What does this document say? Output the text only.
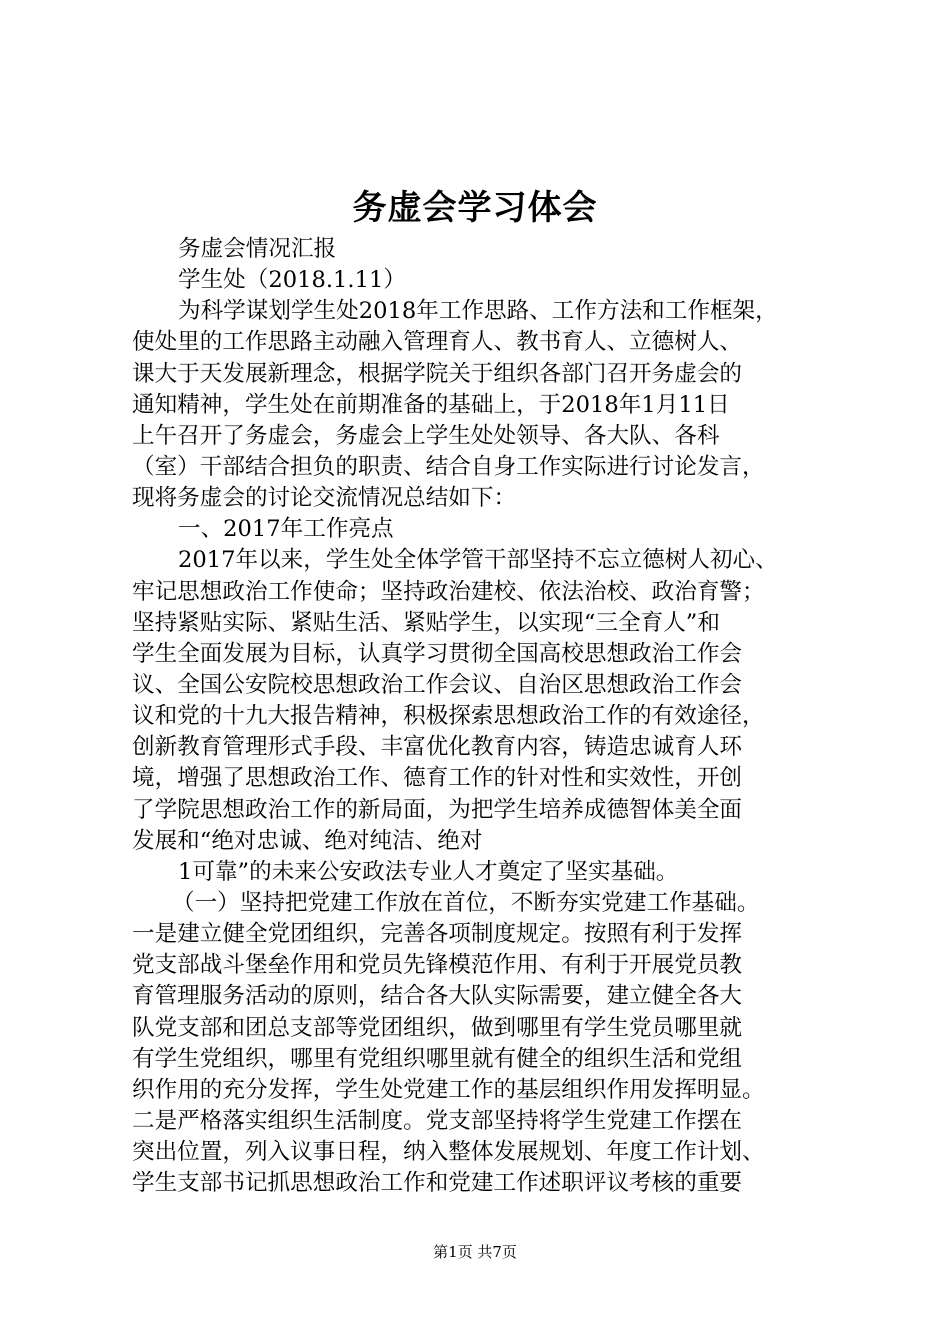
务虚会学习体会
务虚会情况汇报
学生处（2018.1.11）
为科学谋划学生处2018年工作思路、工作方法和工作框架，
使处里的工作思路主动融入管理育人、教书育人、立德树人、
课大于天发展新理念，根据学院关于组织各部门召开务虚会的
通知精神，学生处在前期准备的基础上，于2018年1月11日
上午召开了务虚会，务虚会上学生处处领导、各大队、各科
（室）干部结合担负的职责、结合自身工作实际进行讨论发言，
现将务虚会的讨论交流情况总结如下：
一、2017年工作亮点
2017年以来，学生处全体学管干部坚持不忘立德树人初心、
牢记思想政治工作使命；坚持政治建校、依法治校、政治育警；
坚持紧贴实际、紧贴生活、紧贴学生，以实现“三全育人”和
学生全面发展为目标，认真学习贯彻全国高校思想政治工作会
议、全国公安院校思想政治工作会议、自治区思想政治工作会
议和党的十九大报告精神，积极探索思想政治工作的有效途径，
创新教育管理形式手段、丰富优化教育内容，铸造忠诚育人环
境，增强了思想政治工作、德育工作的针对性和实效性，开创
了学院思想政治工作的新局面，为把学生培养成德智体美全面
发展和“绝对忠诚、绝对纯洁、绝对
1可靠”的未来公安政法专业人才奠定了坚实基础。
（一）坚持把党建工作放在首位，不断夯实党建工作基础。
一是建立健全党团组织，完善各项制度规定。按照有利于发挥
党支部战斗堡垒作用和党员先锋模范作用、有利于开展党员教
育管理服务活动的原则，结合各大队实际需要，建立健全各大
队党支部和团总支部等党团组织，做到哪里有学生党员哪里就
有学生党组织，哪里有党组织哪里就有健全的组织生活和党组
织作用的充分发挥，学生处党建工作的基层组织作用发挥明显。
二是严格落实组织生活制度。党支部坚持将学生党建工作摆在
突出位置，列入议事日程，纳入整体发展规划、年度工作计划、
学生支部书记抓思想政治工作和党建工作述职评议考核的重要
第1页 共7页
